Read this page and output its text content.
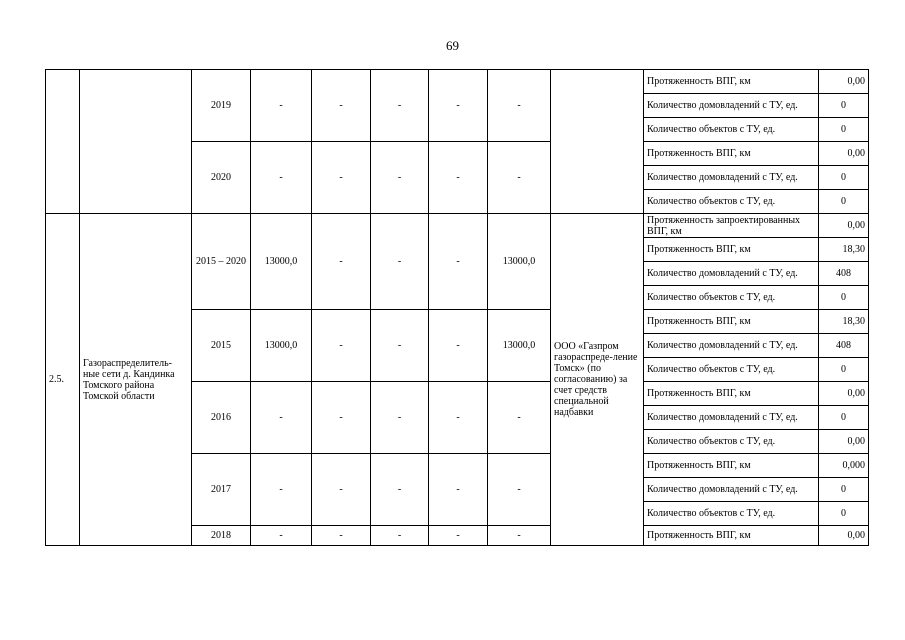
69
		2019	-	-	-	-	-		Протяженность ВПГ, км	0,00
									Количество домовладений с ТУ, ед.	0
									Количество объектов с ТУ, ед.	0
		2020	-	-	-	-	-		Протяженность ВПГ, км	0,00
									Количество домовладений с ТУ, ед.	0
									Количество объектов с ТУ, ед.	0
2.5.	Газораспределитель-ные сети д. Кандинка Томского района Томской области	2015 – 2020	13000,0	-	-	-	13000,0	ООО «Газпром газораспреде-ление Томск» (по согласованию) за счет средств специальной надбавки	Протяженность запроектированных ВПГ, км	0,00
									Протяженность ВПГ, км	18,30
									Количество домовладений с ТУ, ед.	408
									Количество объектов с ТУ, ед.	0
		2015	13000,0	-	-	-	13000,0		Протяженность ВПГ, км	18,30
									Количество домовладений с ТУ, ед.	408
									Количество объектов с ТУ, ед.	0
		2016	-	-	-	-	-		Протяженность ВПГ, км	0,00
									Количество домовладений с ТУ, ед.	0
									Количество объектов с ТУ, ед.	0,00
		2017	-	-	-	-	-		Протяженность ВПГ, км	0,000
									Количество домовладений с ТУ, ед.	0
									Количество объектов с ТУ, ед.	0
		2018	-	-	-	-	-		Протяженность ВПГ, км	0,00
